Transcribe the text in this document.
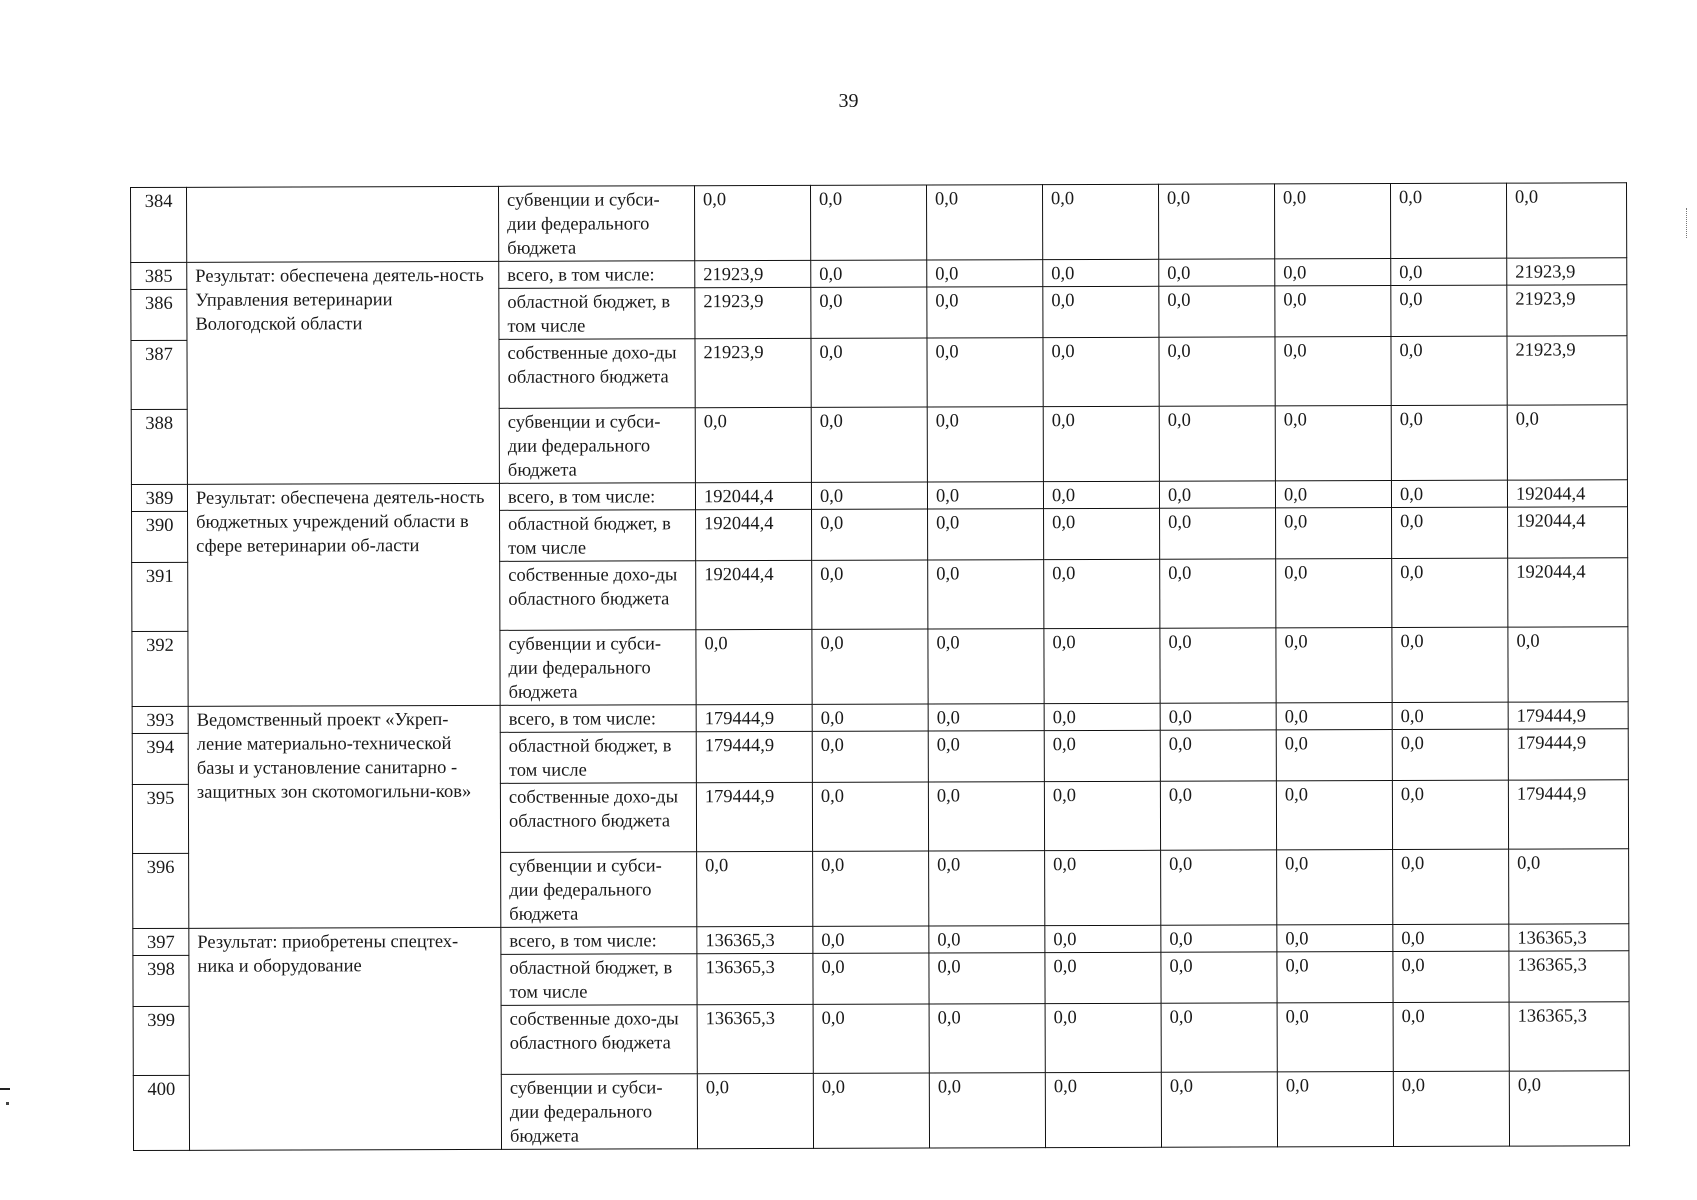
39
384		субвенции и субси-дии федерального бюджета	0,0	0,0	0,0	0,0	0,0	0,0	0,0	0,0
385	Результат: обеспечена деятель-ность Управления ветеринарии Вологодской области	всего, в том числе:	21923,9	0,0	0,0	0,0	0,0	0,0	0,0	21923,9
386		областной бюджет, в том числе	21923,9	0,0	0,0	0,0	0,0	0,0	0,0	21923,9
387		собственные дохо-ды областного бюджета	21923,9	0,0	0,0	0,0	0,0	0,0	0,0	21923,9
388		субвенции и субси-дии федерального бюджета	0,0	0,0	0,0	0,0	0,0	0,0	0,0	0,0
389	Результат: обеспечена деятель-ность бюджетных учреждений области в сфере ветеринарии об-ласти	всего, в том числе:	192044,4	0,0	0,0	0,0	0,0	0,0	0,0	192044,4
390		областной бюджет, в том числе	192044,4	0,0	0,0	0,0	0,0	0,0	0,0	192044,4
391		собственные дохо-ды областного бюджета	192044,4	0,0	0,0	0,0	0,0	0,0	0,0	192044,4
392		субвенции и субси-дии федерального бюджета	0,0	0,0	0,0	0,0	0,0	0,0	0,0	0,0
393	Ведомственный проект «Укреп-ление материально-технической базы и установление санитарно - защитных зон скотомогильни-ков»	всего, в том числе:	179444,9	0,0	0,0	0,0	0,0	0,0	0,0	179444,9
394		областной бюджет, в том числе	179444,9	0,0	0,0	0,0	0,0	0,0	0,0	179444,9
395		собственные дохо-ды областного бюджета	179444,9	0,0	0,0	0,0	0,0	0,0	0,0	179444,9
396		субвенции и субси-дии федерального бюджета	0,0	0,0	0,0	0,0	0,0	0,0	0,0	0,0
397	Результат: приобретены спецтех-ника и оборудование	всего, в том числе:	136365,3	0,0	0,0	0,0	0,0	0,0	0,0	136365,3
398		областной бюджет, в том числе	136365,3	0,0	0,0	0,0	0,0	0,0	0,0	136365,3
399		собственные дохо-ды областного бюджета	136365,3	0,0	0,0	0,0	0,0	0,0	0,0	136365,3
400		субвенции и субси-дии федерального бюджета	0,0	0,0	0,0	0,0	0,0	0,0	0,0	0,0
